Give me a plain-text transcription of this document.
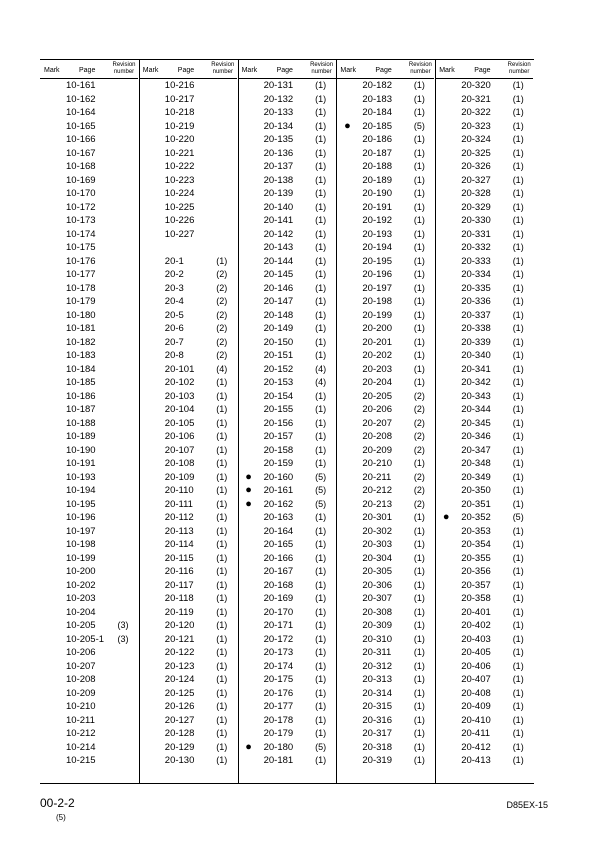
Mark	Page
Revision number
10-161
10-162
10-164
10-165
10-166
10-167
10-168
10-169
10-170
10-172
10-173
10-174
10-175
10-176
10-177
10-178
10-179
10-180
10-181
10-182
10-183
10-184
10-185
10-186
10-187
10-188
10-189
10-190
10-191
10-193
10-194
10-195
10-196
10-197
10-198
10-199
10-200
10-202
10-203
10-204
10-205	(3)
10-205-1	(3)
10-206
10-207
10-208
10-209
10-210
10-211
10-212
10-214
10-215
Mark	Page
Revision number
10-216
10-217
10-218
10-219
10-220
10-221
10-222
10-223
10-224
10-225
10-226
10-227
20-1	(1)
20-2	(2)
20-3	(2)
20-4	(2)
20-5	(2)
20-6	(2)
20-7	(2)
20-8	(2)
20-101	(4)
20-102	(1)
20-103	(1)
20-104	(1)
20-105	(1)
20-106	(1)
20-107	(1)
20-108	(1)
20-109	(1)
20-110	(1)
20-111	(1)
20-112	(1)
20-113	(1)
20-114	(1)
20-115	(1)
20-116	(1)
20-117	(1)
20-118	(1)
20-119	(1)
20-120	(1)
20-121	(1)
20-122	(1)
20-123	(1)
20-124	(1)
20-125	(1)
20-126	(1)
20-127	(1)
20-128	(1)
20-129	(1)
20-130	(1)
Mark	Page
Revision number
20-131	(1)
20-132	(1)
20-133	(1)
20-134	(1)
20-135	(1)
20-136	(1)
20-137	(1)
20-138	(1)
20-139	(1)
20-140	(1)
20-141	(1)
20-142	(1)
20-143	(1)
20-144	(1)
20-145	(1)
20-146	(1)
20-147	(1)
20-148	(1)
20-149	(1)
20-150	(1)
20-151	(1)
20-152	(4)
20-153	(4)
20-154	(1)
20-155	(1)
20-156	(1)
20-157	(1)
20-158	(1)
20-159	(1)
●	20-160	(5)
●	20-161	(5)
●	20-162	(5)
20-163	(1)
20-164	(1)
20-165	(1)
20-166	(1)
20-167	(1)
20-168	(1)
20-169	(1)
20-170	(1)
20-171	(1)
20-172	(1)
20-173	(1)
20-174	(1)
20-175	(1)
20-176	(1)
20-177	(1)
20-178	(1)
20-179	(1)
●	20-180	(5)
20-181	(1)
Mark	Page
Revision number
20-182	(1)
20-183	(1)
20-184	(1)
●	20-185	(5)
20-186	(1)
20-187	(1)
20-188	(1)
20-189	(1)
20-190	(1)
20-191	(1)
20-192	(1)
20-193	(1)
20-194	(1)
20-195	(1)
20-196	(1)
20-197	(1)
20-198	(1)
20-199	(1)
20-200	(1)
20-201	(1)
20-202	(1)
20-203	(1)
20-204	(1)
20-205	(2)
20-206	(2)
20-207	(2)
20-208	(2)
20-209	(2)
20-210	(1)
20-211	(2)
20-212	(2)
20-213	(2)
20-301	(1)
20-302	(1)
20-303	(1)
20-304	(1)
20-305	(1)
20-306	(1)
20-307	(1)
20-308	(1)
20-309	(1)
20-310	(1)
20-311	(1)
20-312	(1)
20-313	(1)
20-314	(1)
20-315	(1)
20-316	(1)
20-317	(1)
20-318	(1)
20-319	(1)
Mark	Page
Revision number
20-320	(1)
20-321	(1)
20-322	(1)
20-323	(1)
20-324	(1)
20-325	(1)
20-326	(1)
20-327	(1)
20-328	(1)
20-329	(1)
20-330	(1)
20-331	(1)
20-332	(1)
20-333	(1)
20-334	(1)
20-335	(1)
20-336	(1)
20-337	(1)
20-338	(1)
20-339	(1)
20-340	(1)
20-341	(1)
20-342	(1)
20-343	(1)
20-344	(1)
20-345	(1)
20-346	(1)
20-347	(1)
20-348	(1)
20-349	(1)
20-350	(1)
20-351	(1)
●	20-352	(5)
20-353	(1)
20-354	(1)
20-355	(1)
20-356	(1)
20-357	(1)
20-358	(1)
20-401	(1)
20-402	(1)
20-403	(1)
20-405	(1)
20-406	(1)
20-407	(1)
20-408	(1)
20-409	(1)
20-410	(1)
20-411	(1)
20-412	(1)
20-413	(1)
00-2-2
(5)
D85EX-15
